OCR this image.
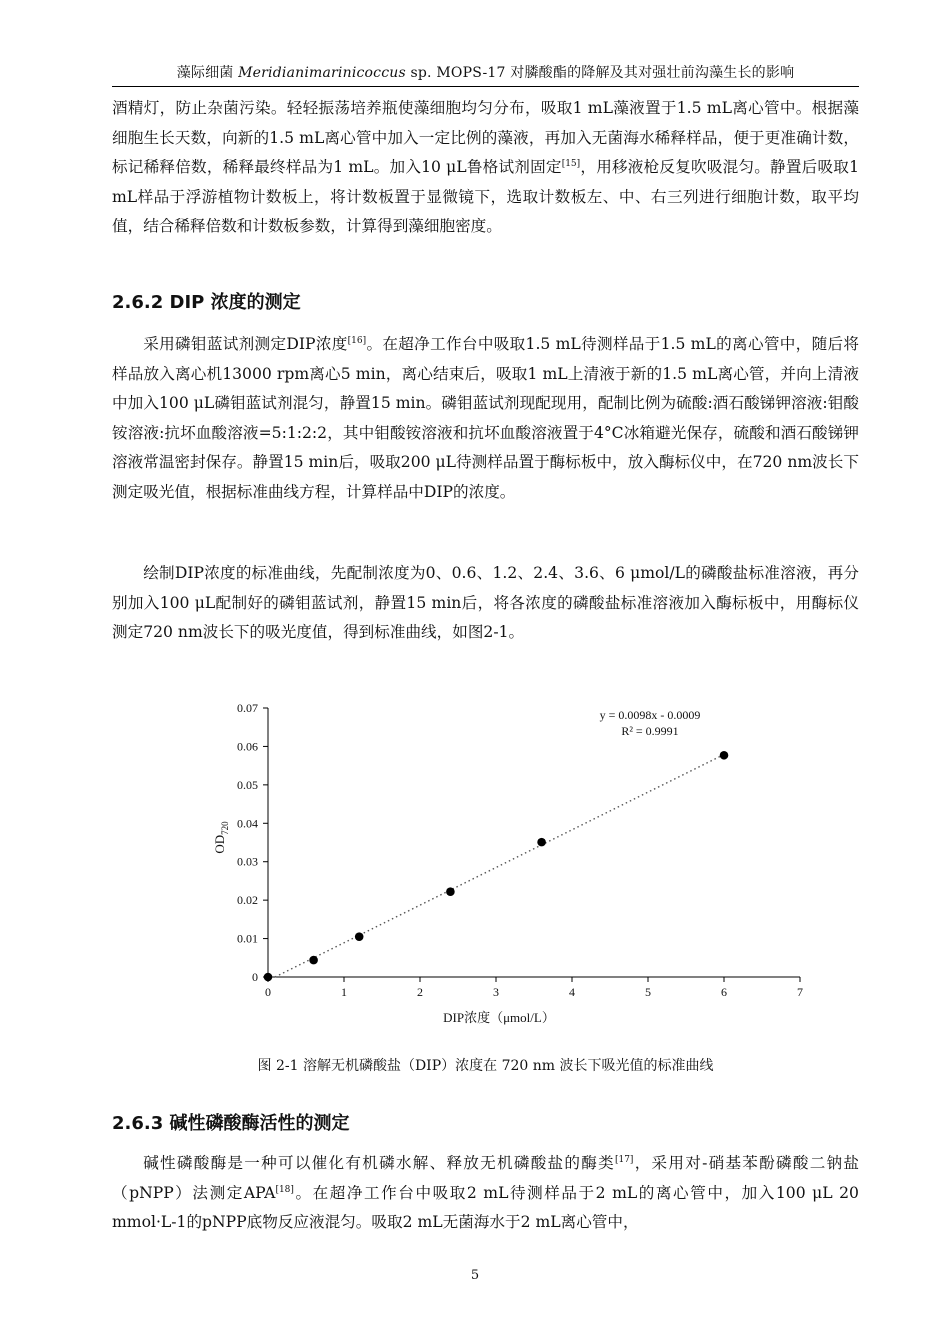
藻际细菌 Meridianimarinicoccus sp. MOPS-17 对膦酸酯的降解及其对强壮前沟藻生长的影响

酒精灯，防止杂菌污染。轻轻振荡培养瓶使藻细胞均匀分布，吸取1 mL藻液置于1.5 mL离心管中。根据藻细胞生长天数，向新的1.5 mL离心管中加入一定比例的藻液，再加入无菌海水稀释样品，便于更准确计数，标记稀释倍数，稀释最终样品为1 mL。加入10 μL鲁格试剂固定[15]，用移液枪反复吹吸混匀。静置后吸取1 mL样品于浮游植物计数板上，将计数板置于显微镜下，选取计数板左、中、右三列进行细胞计数，取平均值，结合稀释倍数和计数板参数，计算得到藻细胞密度。

2.6.2 DIP 浓度的测定

采用磷钼蓝试剂测定DIP浓度[16]。在超净工作台中吸取1.5 mL待测样品于1.5 mL的离心管中，随后将样品放入离心机13000 rpm离心5 min，离心结束后，吸取1 mL上清液于新的1.5 mL离心管，并向上清液中加入100 μL磷钼蓝试剂混匀，静置15 min。磷钼蓝试剂现配现用，配制比例为硫酸:酒石酸锑钾溶液:钼酸铵溶液:抗坏血酸溶液=5:1:2:2，其中钼酸铵溶液和抗坏血酸溶液置于4°C冰箱避光保存，硫酸和酒石酸锑钾溶液常温密封保存。静置15 min后，吸取200 μL待测样品置于酶标板中，放入酶标仪中，在720 nm波长下测定吸光值，根据标准曲线方程，计算样品中DIP的浓度。

绘制DIP浓度的标准曲线，先配制浓度为0、0.6、1.2、2.4、3.6、6 μmol/L的磷酸盐标准溶液，再分别加入100 μL配制好的磷钼蓝试剂，静置15 min后，将各浓度的磷酸盐标准溶液加入酶标板中，用酶标仪测定720 nm波长下的吸光度值，得到标准曲线，如图2-1。

0	1	2	3	4	5	6	7
0
0.01
0.02
0.03
0.04
0.05
0.06
0.07	y = 0.0098x - 0.0009
R² = 0.9991
DIP浓度（μmol/L）
$OD_{720}$
图 2-1 溶解无机磷酸盐（DIP）浓度在 720 nm 波长下吸光值的标准曲线
2.6.3 碱性磷酸酶活性的测定

碱性磷酸酶是一种可以催化有机磷水解、释放无机磷酸盐的酶类[17]，采用对-硝基苯酚磷酸二钠盐（pNPP）法测定APA[18]。在超净工作台中吸取2 mL待测样品于2 mL的离心管中，加入100 μL 20 mmol·L-1的pNPP底物反应液混匀。吸取2 mL无菌海水于2 mL离心管中，

5
